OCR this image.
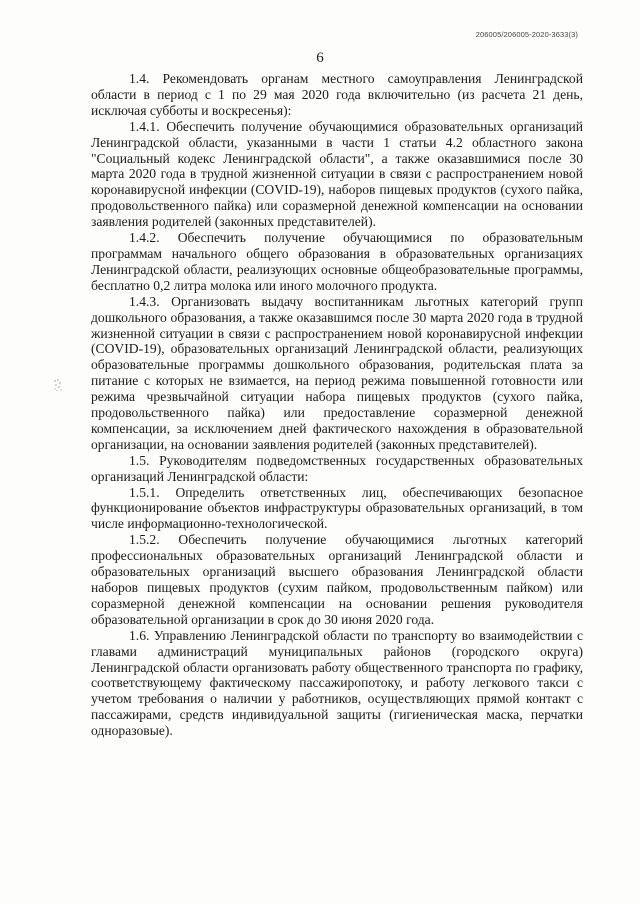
206005/206005-2020-3633(3)
6

1.4. Рекомендовать органам местного самоуправления Ленинградской области в период с 1 по 29 мая 2020 года включительно (из расчета 21 день, исключая субботы и воскресенья):

1.4.1. Обеспечить получение обучающимися образовательных организаций Ленинградской области, указанными в части 1 статьи 4.2 областного закона "Социальный кодекс Ленинградской области", а также оказавшимися после 30 марта 2020 года в трудной жизненной ситуации в связи с распространением новой коронавирусной инфекции (COVID-19), наборов пищевых продуктов (сухого пайка, продовольственного пайка) или соразмерной денежной компенсации на основании заявления родителей (законных представителей).

1.4.2. Обеспечить получение обучающимися по образовательным программам начального общего образования в образовательных организациях Ленинградской области, реализующих основные общеобразовательные программы, бесплатно 0,2 литра молока или иного молочного продукта.

1.4.3. Организовать выдачу воспитанникам льготных категорий групп дошкольного образования, а также оказавшимся после 30 марта 2020 года в трудной жизненной ситуации в связи с распространением новой коронавирусной инфекции (COVID-19), образовательных организаций Ленинградской области, реализующих образовательные программы дошкольного образования, родительская плата за питание с которых не взимается, на период режима повышенной готовности или режима чрезвычайной ситуации набора пищевых продуктов (сухого пайка, продовольственного пайка) или предоставление соразмерной денежной компенсации, за исключением дней фактического нахождения в образовательной организации, на основании заявления родителей (законных представителей).

1.5. Руководителям подведомственных государственных образовательных организаций Ленинградской области:

1.5.1. Определить ответственных лиц, обеспечивающих безопасное функционирование объектов инфраструктуры образовательных организаций, в том числе информационно-технологической.

1.5.2. Обеспечить получение обучающимися льготных категорий профессиональных образовательных организаций Ленинградской области и образовательных организаций высшего образования Ленинградской области наборов пищевых продуктов (сухим пайком, продовольственным пайком) или соразмерной денежной компенсации на основании решения руководителя образовательной организации в срок до 30 июня 2020 года.

1.6. Управлению Ленинградской области по транспорту во взаимодействии с главами администраций муниципальных районов (городского округа) Ленинградской области организовать работу общественного транспорта по графику, соответствующему фактическому пассажиропотоку, и работу легкового такси с учетом требования о наличии у работников, осуществляющих прямой контакт с пассажирами, средств индивидуальной защиты (гигиеническая маска, перчатки одноразовые).
